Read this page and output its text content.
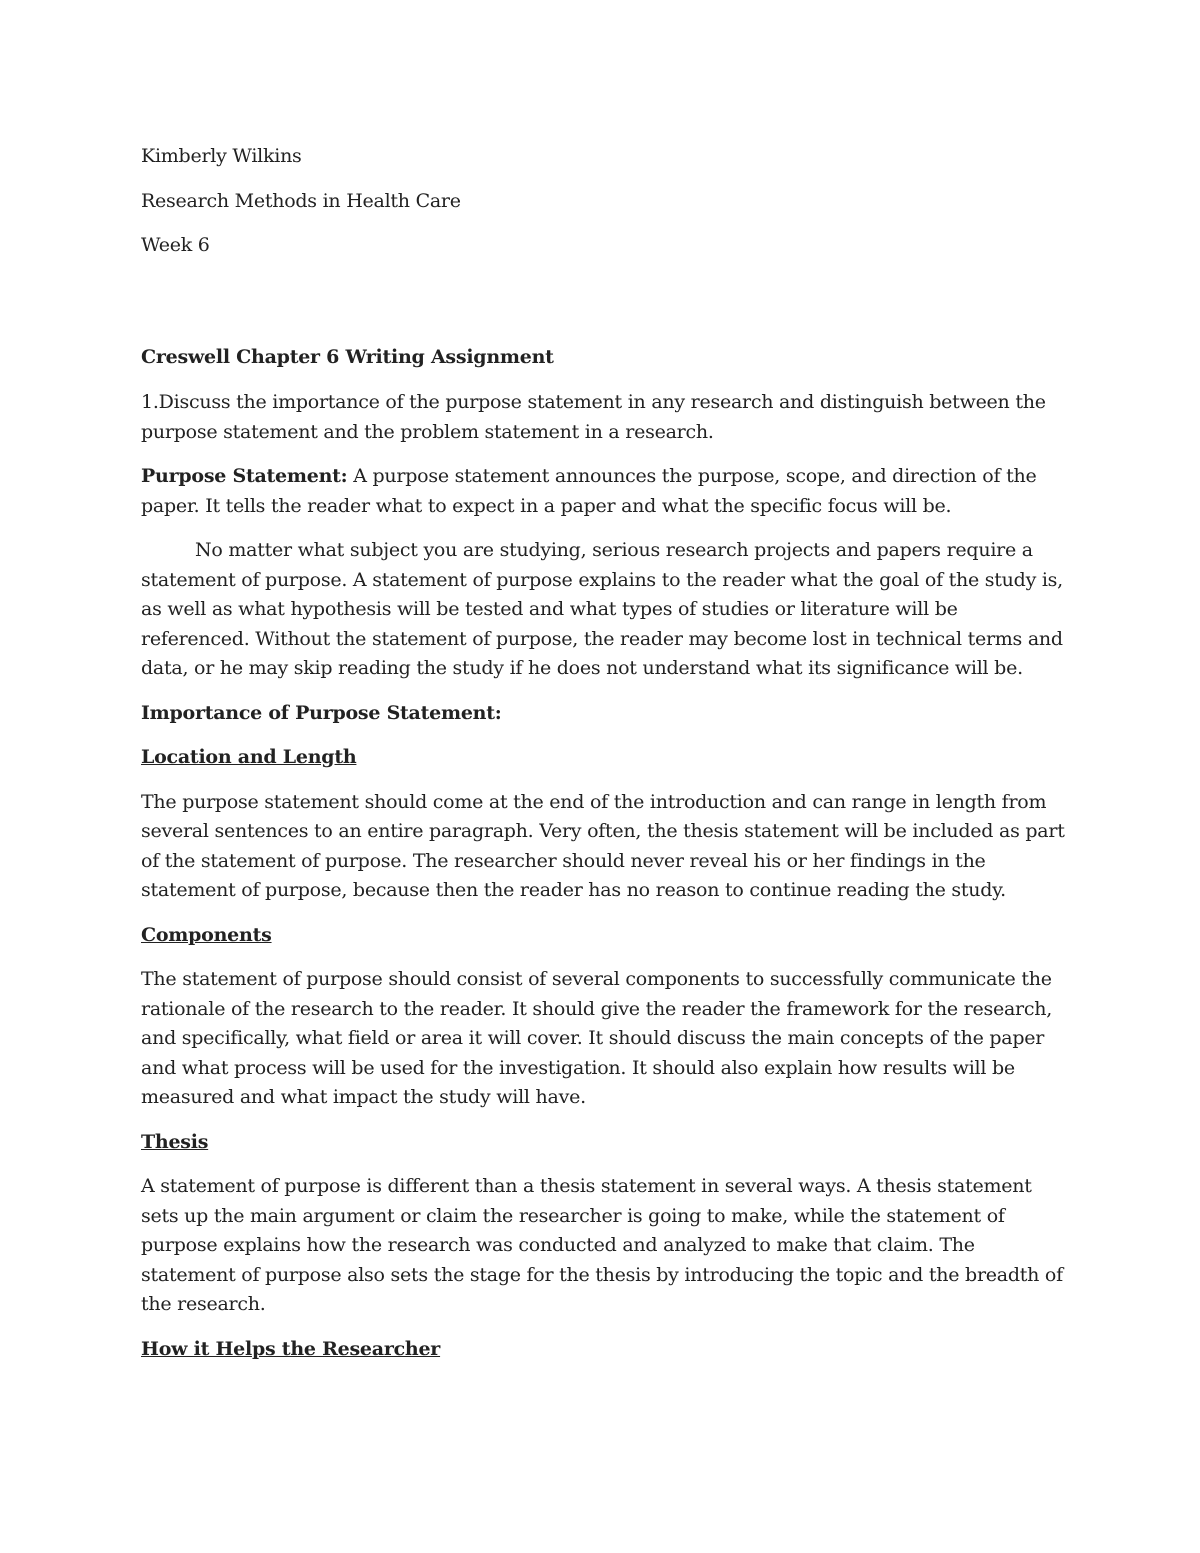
Kimberly Wilkins
Research Methods in Health Care
Week 6
Creswell Chapter 6 Writing Assignment

1.Discuss the importance of the purpose statement in any research and distinguish between the purpose statement and the problem statement in a research.

Purpose Statement: A purpose statement announces the purpose, scope, and direction of the paper. It tells the reader what to expect in a paper and what the specific focus will be.

No matter what subject you are studying, serious research projects and papers require a statement of purpose. A statement of purpose explains to the reader what the goal of the study is, as well as what hypothesis will be tested and what types of studies or literature will be referenced. Without the statement of purpose, the reader may become lost in technical terms and data, or he may skip reading the study if he does not understand what its significance will be.

Importance of Purpose Statement:

Location and Length

The purpose statement should come at the end of the introduction and can range in length from several sentences to an entire paragraph. Very often, the thesis statement will be included as part of the statement of purpose. The researcher should never reveal his or her findings in the statement of purpose, because then the reader has no reason to continue reading the study.

Components

The statement of purpose should consist of several components to successfully communicate the rationale of the research to the reader. It should give the reader the framework for the research, and specifically, what field or area it will cover. It should discuss the main concepts of the paper and what process will be used for the investigation. It should also explain how results will be measured and what impact the study will have.

Thesis

A statement of purpose is different than a thesis statement in several ways. A thesis statement sets up the main argument or claim the researcher is going to make, while the statement of purpose explains how the research was conducted and analyzed to make that claim. The statement of purpose also sets the stage for the thesis by introducing the topic and the breadth of the research.

How it Helps the Researcher
